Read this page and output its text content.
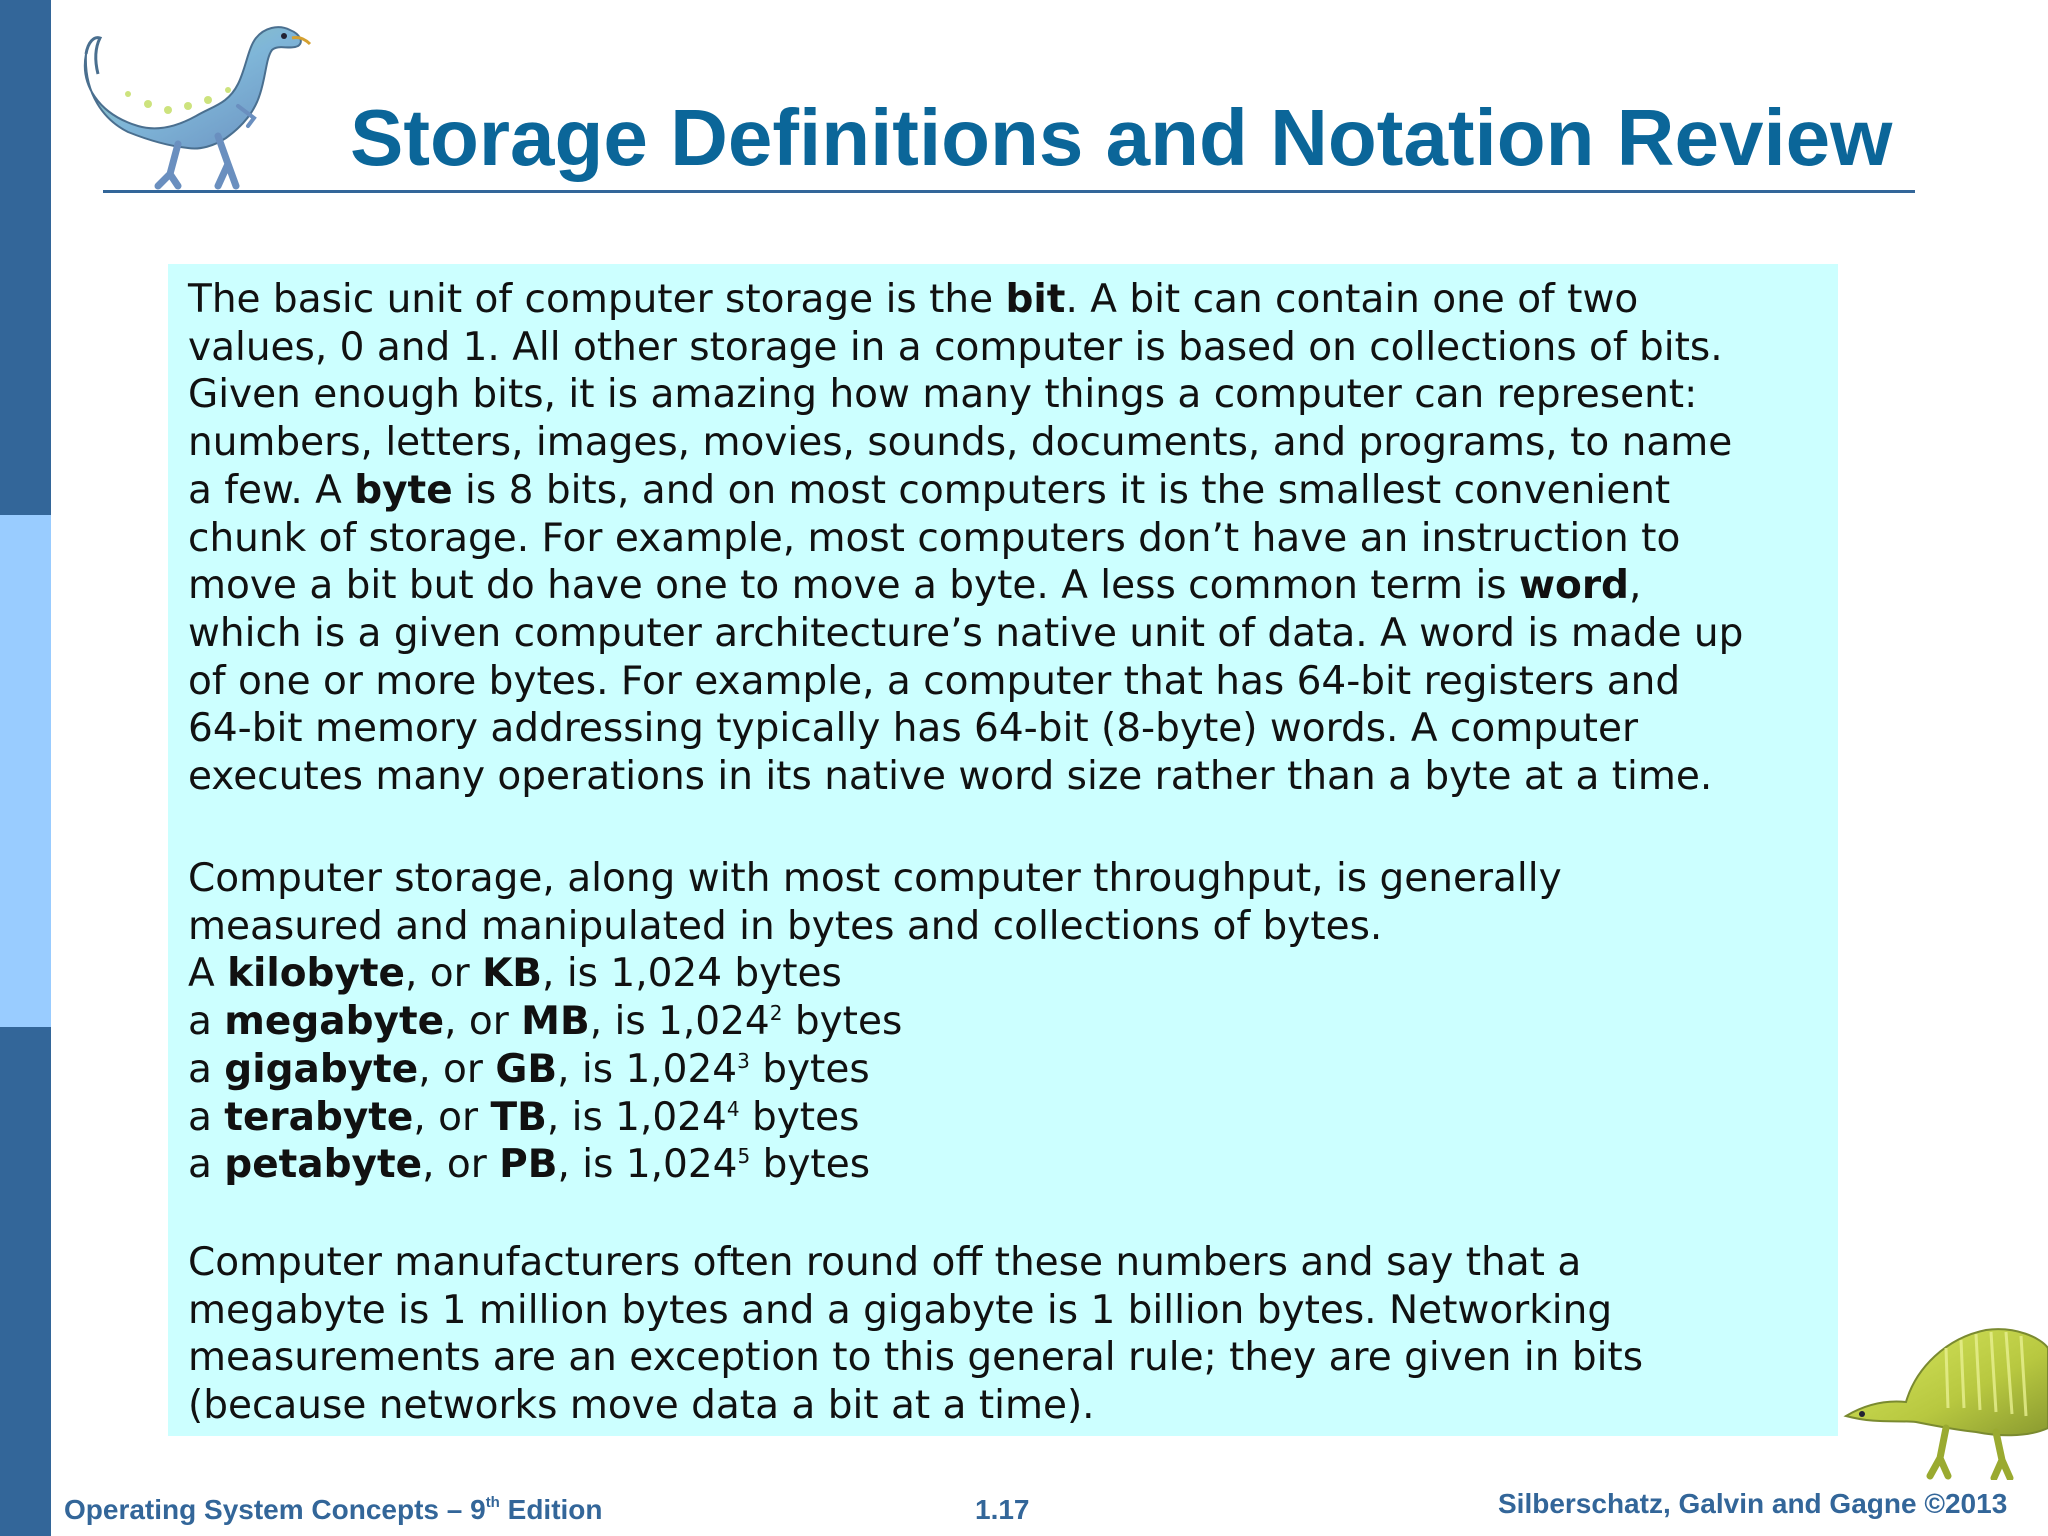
Storage Definitions and Notation Review
The basic unit of computer storage is the bit. A bit can contain one of two
values, 0 and 1. All other storage in a computer is based on collections of bits.
Given enough bits, it is amazing how many things a computer can represent:
numbers, letters, images, movies, sounds, documents, and programs, to name
a few. A byte is 8 bits, and on most computers it is the smallest convenient
chunk of storage. For example, most computers don’t have an instruction to
move a bit but do have one to move a byte. A less common term is word,
which is a given computer architecture’s native unit of data. A word is made up
of one or more bytes. For example, a computer that has 64-bit registers and
64-bit memory addressing typically has 64-bit (8-byte) words. A computer
executes many operations in its native word size rather than a byte at a time.
Computer storage, along with most computer throughput, is generally
measured and manipulated in bytes and collections of bytes.
A kilobyte, or KB, is 1,024 bytes
a megabyte, or MB, is 1,024$^2$ bytes
a gigabyte, or GB, is 1,024$^3$ bytes
a terabyte, or TB, is 1,024$^4$ bytes
a petabyte, or PB, is 1,024$^5$ bytes
Computer manufacturers often round off these numbers and say that a
megabyte is 1 million bytes and a gigabyte is 1 billion bytes. Networking
measurements are an exception to this general rule; they are given in bits
(because networks move data a bit at a time).
Operating System Concepts – 9th Edition	1.17	Silberschatz, Galvin and Gagne ©2013
